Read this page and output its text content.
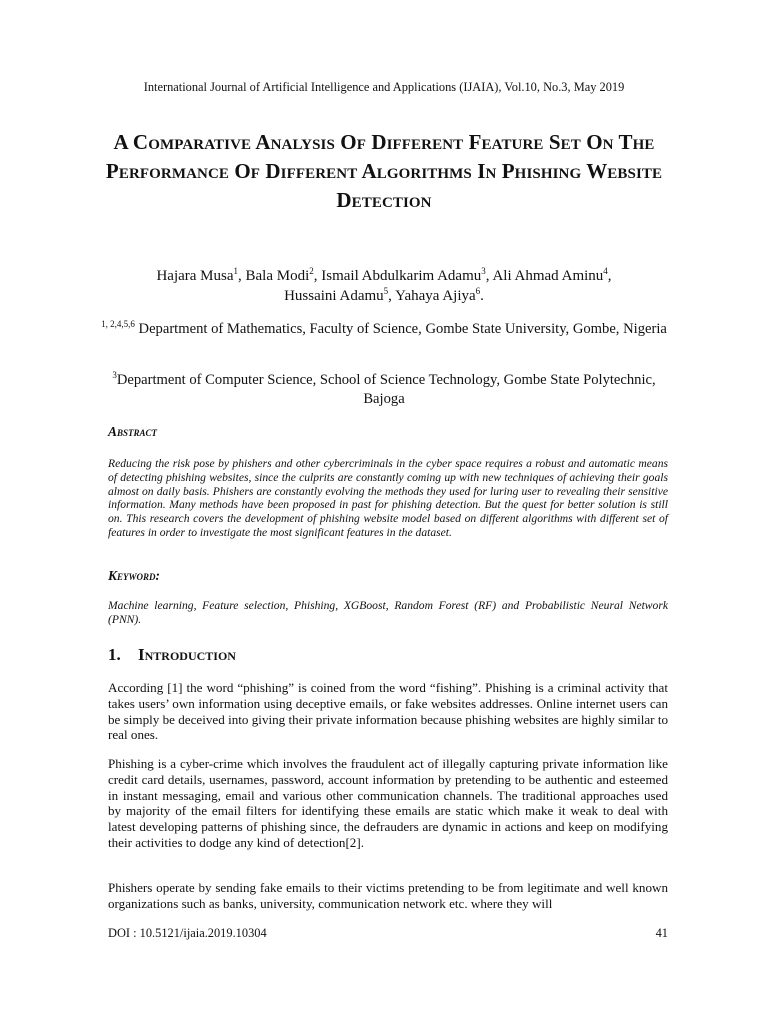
International Journal of Artificial Intelligence and Applications (IJAIA), Vol.10, No.3, May 2019
A Comparative Analysis Of Different Feature Set On The Performance Of Different Algorithms In Phishing Website Detection
Hajara Musa$^1$, Bala Modi$^2$, Ismail Abdulkarim Adamu$^3$, Ali Ahmad Aminu$^4$,
Hussaini Adamu$^5$, Yahaya Ajiya$^6$.
$^{1, 2,4,5,6}$ Department of Mathematics, Faculty of Science, Gombe State University, Gombe, Nigeria
$^3$Department of Computer Science, School of Science Technology, Gombe State Polytechnic, Bajoga
Abstract

Reducing the risk pose by phishers and other cybercriminals in the cyber space requires a robust and automatic means of detecting phishing websites, since the culprits are constantly coming up with new techniques of achieving their goals almost on daily basis. Phishers are constantly evolving the methods they used for luring user to revealing their sensitive information. Many methods have been proposed in past for phishing detection. But the quest for better solution is still on. This research covers the development of phishing website model based on different algorithms with different set of features in order to investigate the most significant features in the dataset.

Keyword:

Machine learning, Feature selection, Phishing, XGBoost, Random Forest (RF) and Probabilistic Neural Network (PNN).

1. Introduction

According [1] the word “phishing” is coined from the word “fishing”. Phishing is a criminal activity that takes users’ own information using deceptive emails, or fake websites addresses. Online internet users can be simply be deceived into giving their private information because phishing websites are highly similar to real ones.

Phishing is a cyber-crime which involves the fraudulent act of illegally capturing private information like credit card details, usernames, password, account information by pretending to be authentic and esteemed in instant messaging, email and various other communication channels. The traditional approaches used by majority of the email filters for identifying these emails are static which make it weak to deal with latest developing patterns of phishing since, the defrauders are dynamic in actions and keep on modifying their activities to dodge any kind of detection[2].

Phishers operate by sending fake emails to their victims pretending to be from legitimate and well known organizations such as banks, university, communication network etc. where they will

DOI : 10.5121/ijaia.2019.10304	41
